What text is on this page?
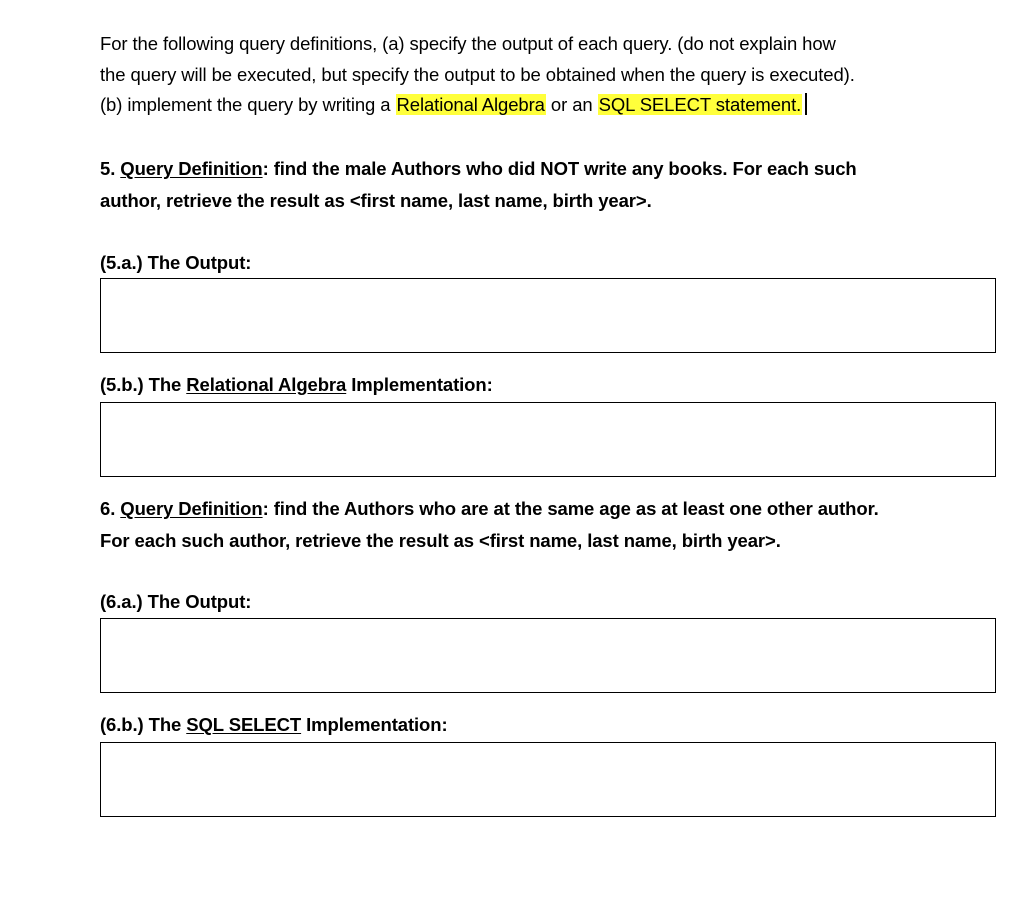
For the following query definitions, (a) specify the output of each query. (do not explain how
the query will be executed, but specify the output to be obtained when the query is executed).
(b) implement the query by writing a Relational Algebra or an SQL SELECT statement.
5. Query Definition: find the male Authors who did NOT write any books. For each such
author, retrieve the result as <first name, last name, birth year>.
(5.a.) The Output:
(5.b.) The Relational Algebra Implementation:
6. Query Definition: find the Authors who are at the same age as at least one other author.
For each such author, retrieve the result as <first name, last name, birth year>.
(6.a.) The Output:
(6.b.) The SQL SELECT Implementation:
